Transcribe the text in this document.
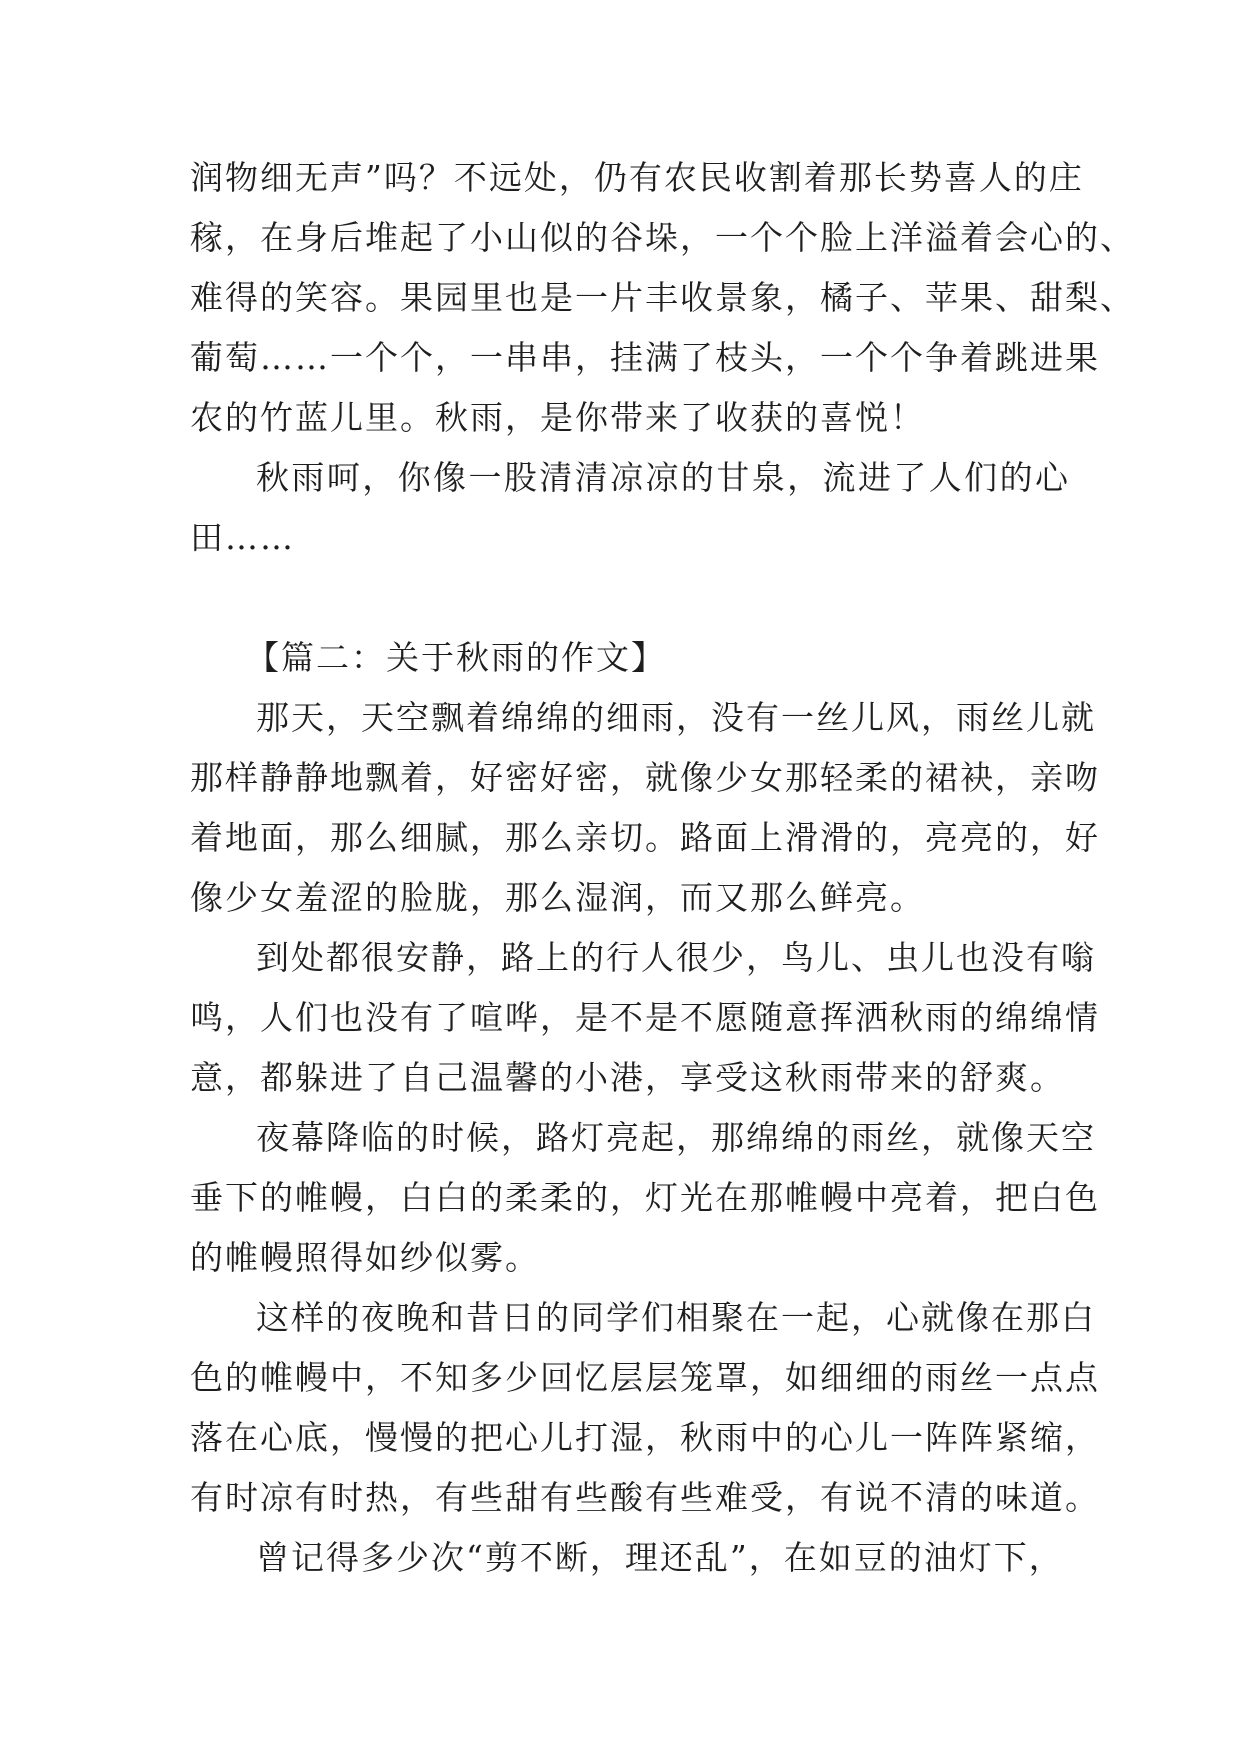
润物细无声”吗？不远处，仍有农民收割着那长势喜人的庄
稼，在身后堆起了小山似的谷垛，一个个脸上洋溢着会心的、
难得的笑容。果园里也是一片丰收景象，橘子、苹果、甜梨、
葡萄……一个个，一串串，挂满了枝头，一个个争着跳进果
农的竹蓝儿里。秋雨，是你带来了收获的喜悦！
秋雨呵，你像一股清清凉凉的甘泉，流进了人们的心
田……
【篇二：关于秋雨的作文】
那天，天空飘着绵绵的细雨，没有一丝儿风，雨丝儿就
那样静静地飘着，好密好密，就像少女那轻柔的裙袂，亲吻
着地面，那么细腻，那么亲切。路面上滑滑的，亮亮的，好
像少女羞涩的脸胧，那么湿润，而又那么鲜亮。
到处都很安静，路上的行人很少，鸟儿、虫儿也没有嗡
鸣，人们也没有了喧哗，是不是不愿随意挥洒秋雨的绵绵情
意，都躲进了自己温馨的小港，享受这秋雨带来的舒爽。
夜幕降临的时候，路灯亮起，那绵绵的雨丝，就像天空
垂下的帷幔，白白的柔柔的，灯光在那帷幔中亮着，把白色
的帷幔照得如纱似雾。
这样的夜晚和昔日的同学们相聚在一起，心就像在那白
色的帷幔中，不知多少回忆层层笼罩，如细细的雨丝一点点
落在心底，慢慢的把心儿打湿，秋雨中的心儿一阵阵紧缩，
有时凉有时热，有些甜有些酸有些难受，有说不清的味道。
曾记得多少次“剪不断，理还乱”，在如豆的油灯下，
